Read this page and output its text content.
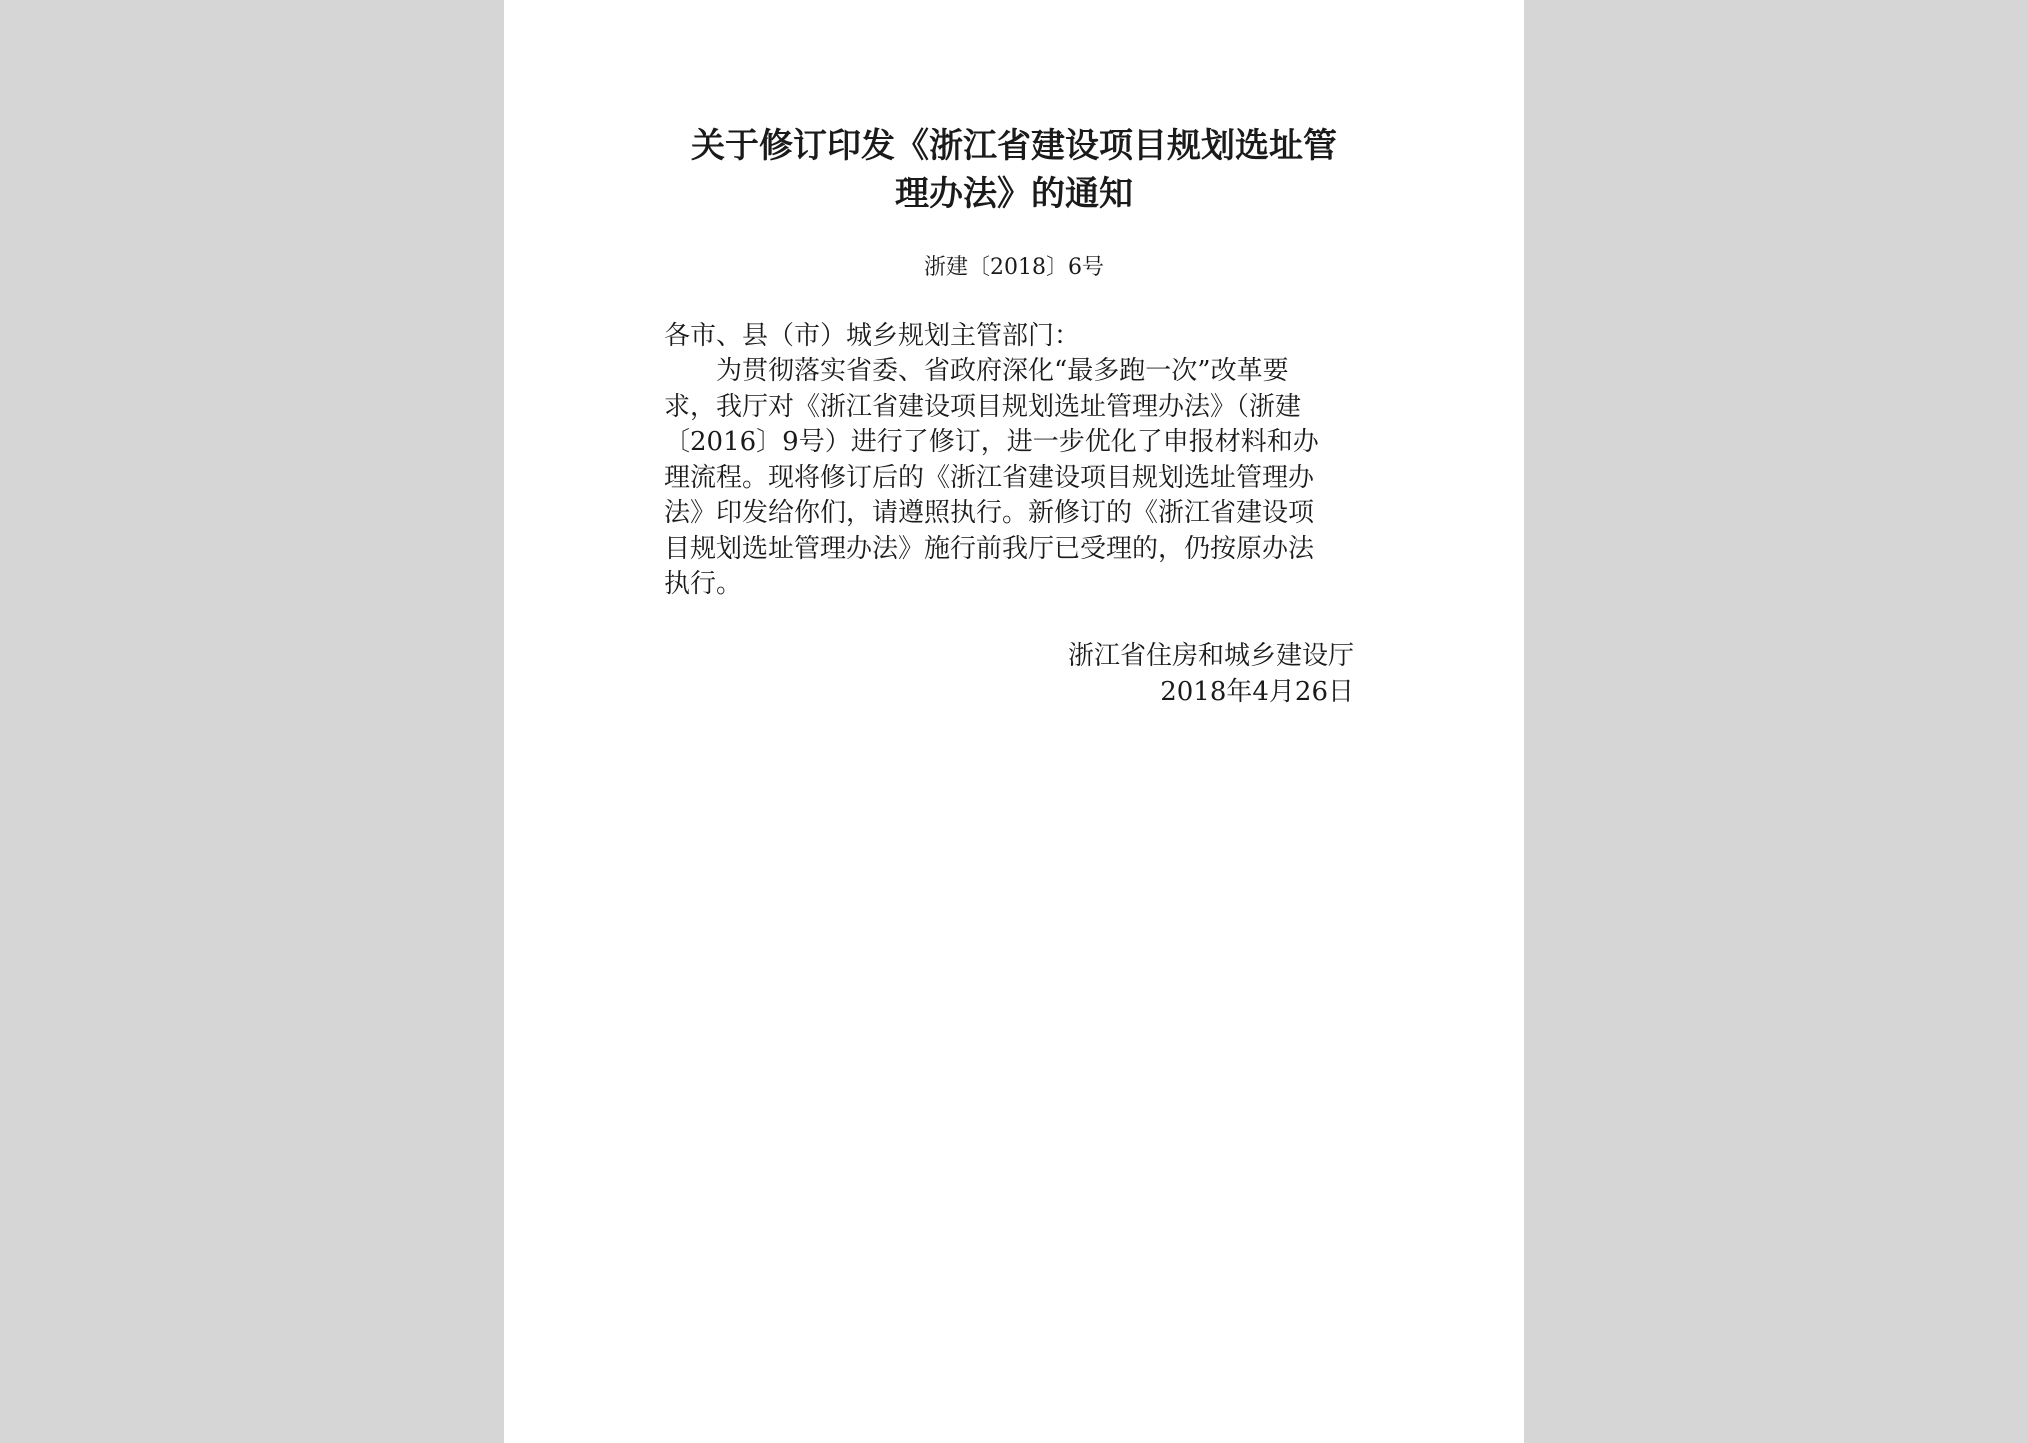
关于修订印发《浙江省建设项目规划选址管
理办法》的通知
浙建〔2018〕6号
各市、县（市）城乡规划主管部门：
为贯彻落实省委、省政府深化“最多跑一次”改革要
求，我厅对《浙江省建设项目规划选址管理办法》（浙建
〔2016〕9号）进行了修订，进一步优化了申报材料和办
理流程。现将修订后的《浙江省建设项目规划选址管理办
法》印发给你们，请遵照执行。新修订的《浙江省建设项
目规划选址管理办法》施行前我厅已受理的，仍按原办法
执行。
浙江省住房和城乡建设厅
2018年4月26日
